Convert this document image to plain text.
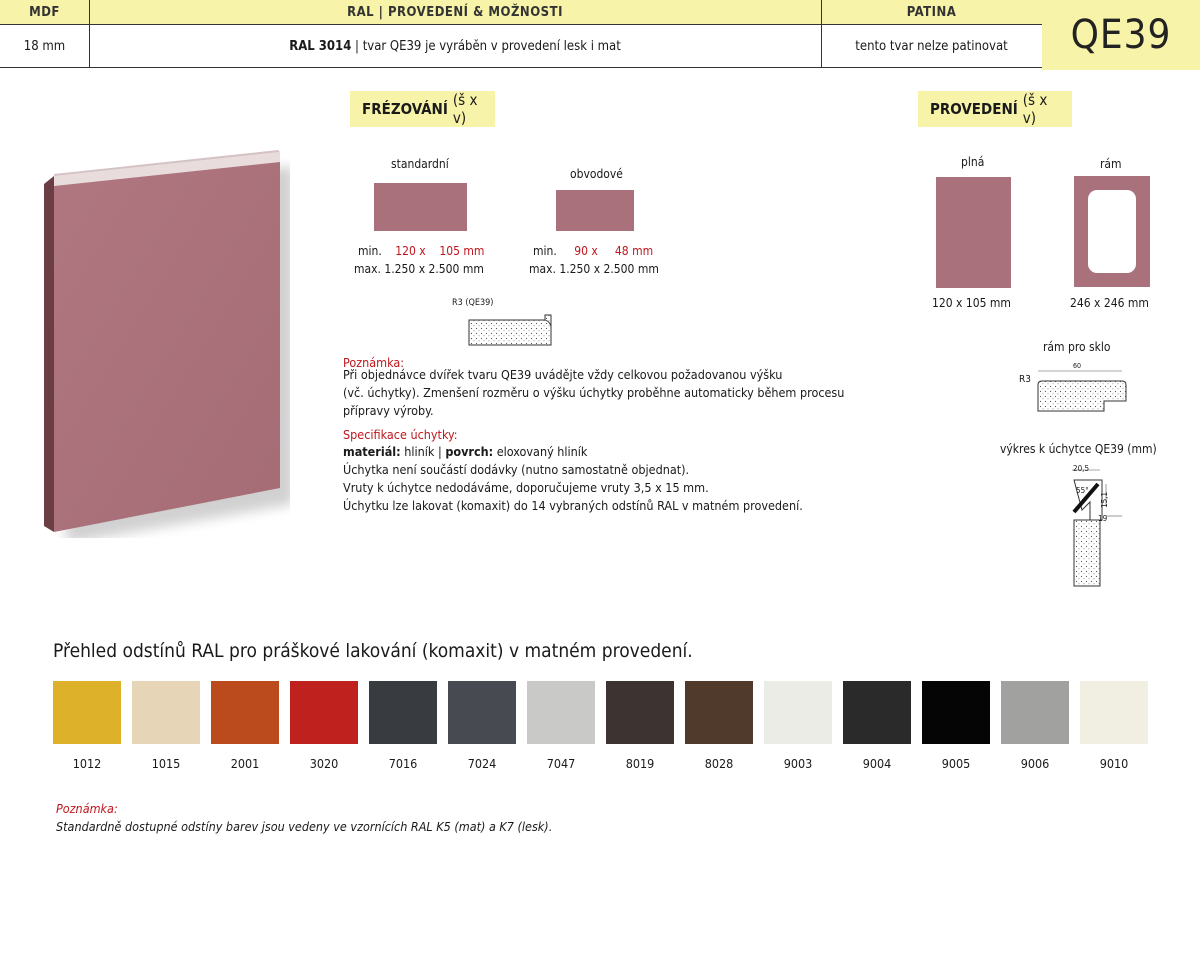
MDF	RAL | PROVEDENÍ & MOŽNOSTI	PATINA
18 mm	RAL 3014 | tvar QE39 je vyráběn v provedení lesk i mat	tento tvar nelze patinovat	QE39
FRÉZOVÁNÍ (š x v)
standardní
min. 120 x    105 mm
max. 1.250 x 2.500 mm
obvodové
min. 90 x     48 mm
max. 1.250 x 2.500 mm
R3 (QE39)
Poznámka:
Při objednávce dvířek tvaru QE39 uvádějte vždy celkovou požadovanou výšku
(vč. úchytky). Zmenšení rozměru o výšku úchytky proběhne automaticky během procesu
přípravy výroby.
Specifikace úchytky:
materiál: hliník | povrch: eloxovaný hliník
Úchytka není součástí dodávky (nutno samostatně objednat).
Vruty k úchytce nedodáváme, doporučujeme vruty 3,5 x 15 mm.
Úchytku lze lakovat (komaxit) do 14 vybraných odstínů RAL v matném provedení.
PROVEDENÍ (š x v)
plná
120 x 105 mm
rám
246 x 246 mm
rám pro sklo
R3
60
výkres k úchytce QE39 (mm)
20,5
55°
15,1
19
Přehled odstínů RAL pro práškové lakování (komaxit) v matném provedení.
1012	1015	2001	3020	7016	7024	7047	8019	8028	9003	9004	9005	9006	9010
Poznámka:
Standardně dostupné odstíny barev jsou vedeny ve vzornících RAL K5 (mat) a K7 (lesk).
